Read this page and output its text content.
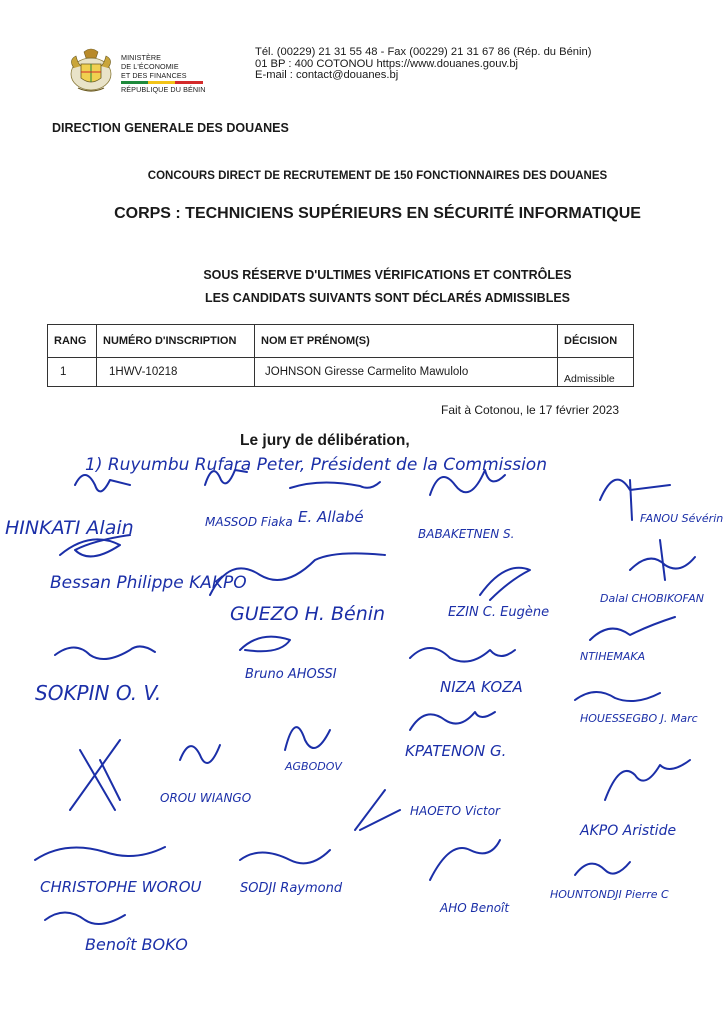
MINISTÈRE
DE L'ÉCONOMIE
ET DES FINANCES
RÉPUBLIQUE DU BÉNIN
Tél. (00229) 21 31 55 48 - Fax (00229) 21 31 67 86 (Rép. du Bénin)
01 BP : 400 COTONOU https://www.douanes.gouv.bj
E-mail : contact@douanes.bj
DIRECTION GENERALE DES DOUANES
CONCOURS DIRECT DE RECRUTEMENT DE 150 FONCTIONNAIRES DES DOUANES
CORPS : TECHNICIENS SUPÉRIEURS EN SÉCURITÉ INFORMATIQUE
SOUS RÉSERVE D'ULTIMES VÉRIFICATIONS ET CONTRÔLES
LES CANDIDATS SUIVANTS SONT DÉCLARÉS ADMISSIBLES
RANG	NUMÉRO D'INSCRIPTION	NOM ET PRÉNOM(S)	DÉCISION
1	1HWV-10218	JOHNSON Giresse Carmelito Mawulolo	Admissible
Fait à Cotonou, le 17 février 2023
Le jury de délibération,
1) Ruyumbu Rufara Peter, Président de la Commission
HINKATI Alain	MASSOD Fiaka E. Allabé
BABAKETNEN S.
FANOU Sévérin
Bessan Philippe KAKPO
GUEZO H. Bénin	EZIN C. Eugène
Dalal CHOBIKOFAN
SOKPIN O. V.
Bruno AHOSSI
NIZA KOZA
NTIHEMAKA
HOUESSEGBO J. Marc
AGBODOV
KPATENON G.
OROU WIANGO
HAOETO Victor
AKPO Aristide
CHRISTOPHE WOROU	SODJI Raymond
AHO Benoît
HOUNTONDJI Pierre C
Benoît BOKO
